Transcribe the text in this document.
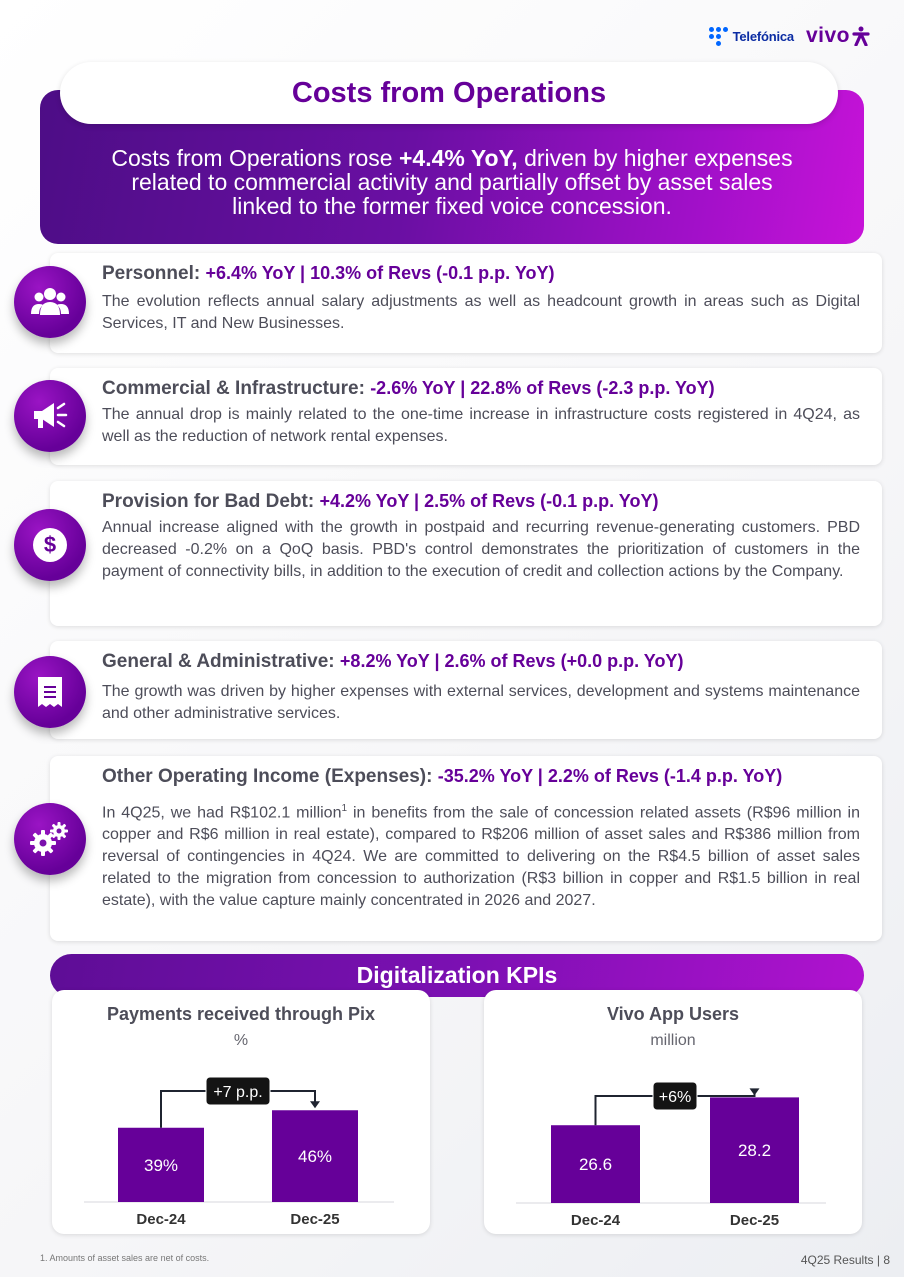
Telefónica vivo

Costs from Operations rose +4.4% YoY, driven by higher expenses related to commercial activity and partially offset by asset sales linked to the former fixed voice concession.

Costs from Operations
Personnel: +6.4% YoY | 10.3% of Revs (-0.1 p.p. YoY)

The evolution reflects annual salary adjustments as well as headcount growth in areas such as Digital Services, IT and New Businesses.

Commercial & Infrastructure: -2.6% YoY | 22.8% of Revs (-2.3 p.p. YoY)

The annual drop is mainly related to the one-time increase in infrastructure costs registered in 4Q24, as well as the reduction of network rental expenses.

Provision for Bad Debt: +4.2% YoY | 2.5% of Revs (-0.1 p.p. YoY)

Annual increase aligned with the growth in postpaid and recurring revenue-generating customers. PBD decreased -0.2% on a QoQ basis. PBD's control demonstrates the prioritization of customers in the payment of connectivity bills, in addition to the execution of credit and collection actions by the Company.

$
General & Administrative: +8.2% YoY | 2.6% of Revs (+0.0 p.p. YoY)

The growth was driven by higher expenses with external services, development and systems maintenance and other administrative services.

Other Operating Income (Expenses): -35.2% YoY | 2.2% of Revs (-1.4 p.p. YoY)

In 4Q25, we had R$102.1 million$^1$ in benefits from the sale of concession related assets (R$96 million in copper and R$6 million in real estate), compared to R$206 million of asset sales and R$386 million from reversal of contingencies in 4Q24. We are committed to delivering on the R$4.5 billion of asset sales related to the migration from concession to authorization (R$3 billion in copper and R$1.5 billion in real estate), with the value capture mainly concentrated in 2026 and 2027.

Digitalization KPIs
Payments received through Pix
%
39%
Dec-24
46%
Dec-25
+7 p.p.
Vivo App Users
million
26.6
Dec-24
28.2
Dec-25
+6%
1. Amounts of asset sales are net of costs.	4Q25 Results | 8
